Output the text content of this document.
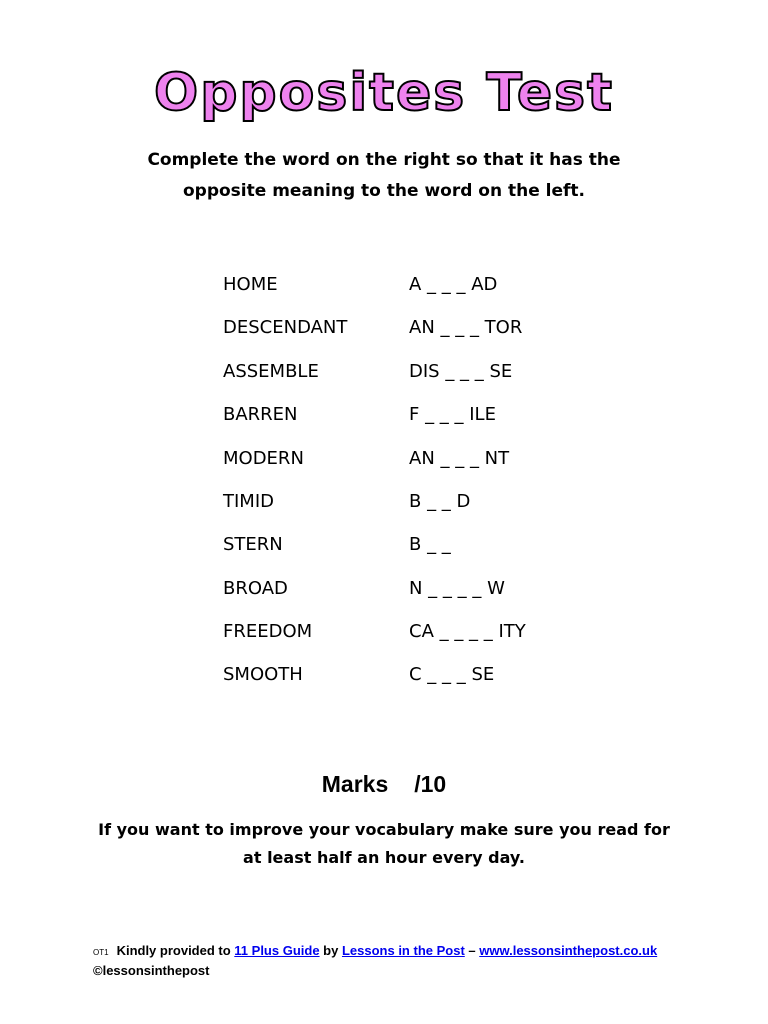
Opposites Test
Complete the word on the right so that it has the
opposite meaning to the word on the left.
HOME	A _ _ _ AD
DESCENDANT	AN _ _ _ TOR
ASSEMBLE	DIS _ _ _ SE
BARREN	F _ _ _ ILE
MODERN	AN _ _ _ NT
TIMID	B _ _ D
STERN	B _ _
BROAD	N _ _ _ _ W
FREEDOM	CA _ _ _ _ ITY
SMOOTH	C _ _ _ SE
Marks /10
If you want to improve your vocabulary make sure you read for
at least half an hour every day.
OT1 Kindly provided to 11 Plus Guide by Lessons in the Post – www.lessonsinthepost.co.uk
©lessonsinthepost
